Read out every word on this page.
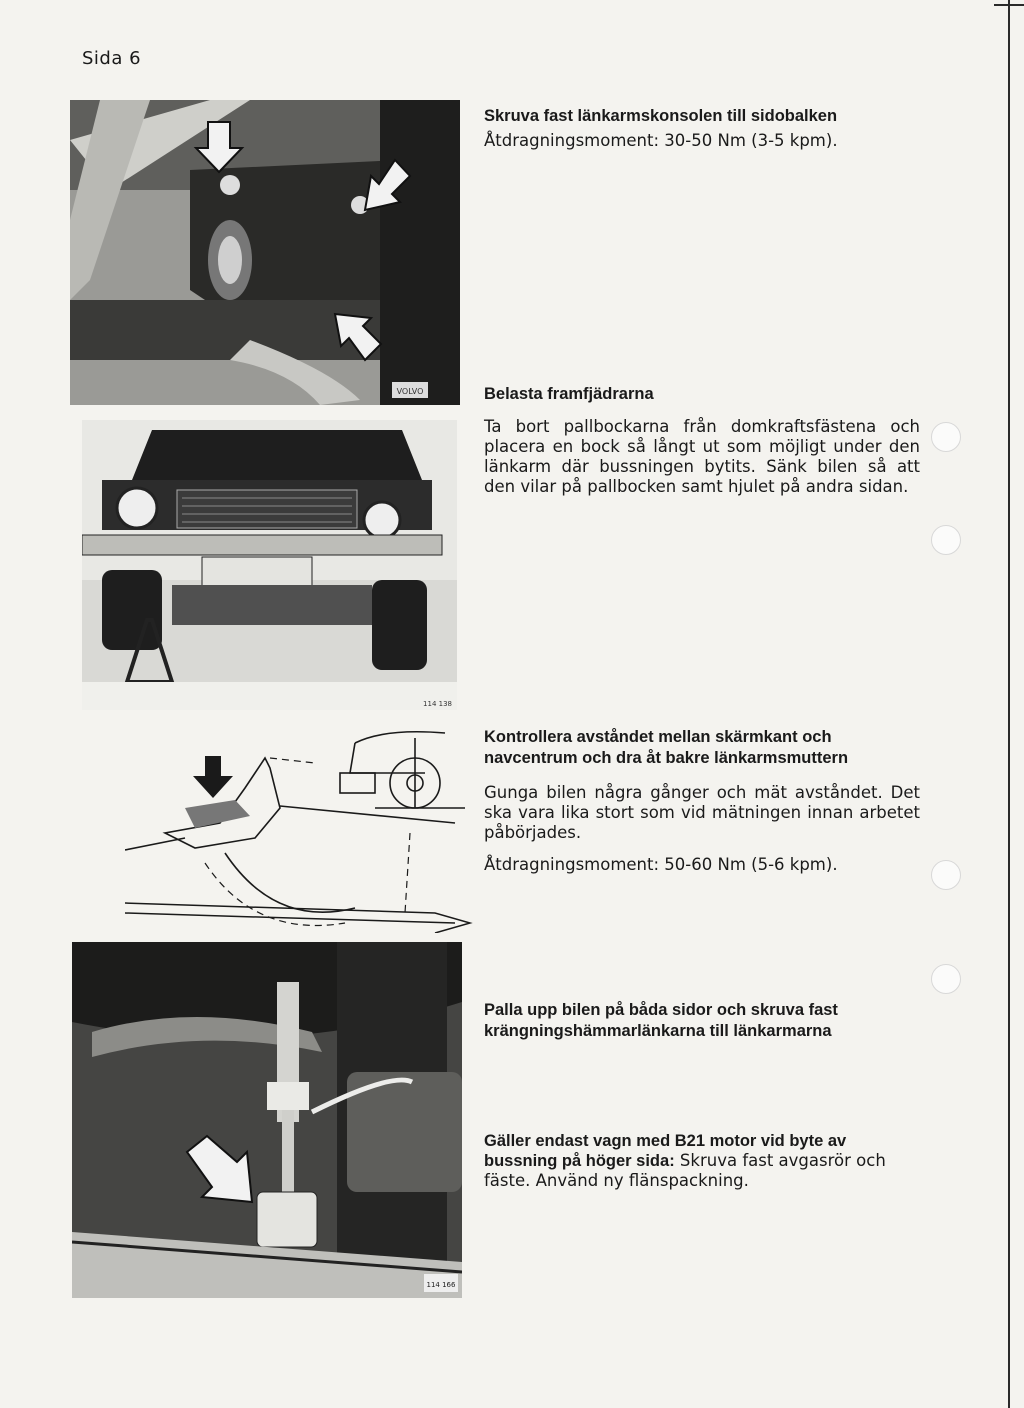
Sida 6
VOLVO
114 138
114 166
Skruva fast länkarmskonsolen till sidobalken
Åtdragningsmoment: 30-50 Nm (3-5 kpm).
Belasta framfjädrarna
Ta bort pallbockarna från domkraftsfästena och placera en bock så långt ut som möjligt under den länkarm där bussningen bytits. Sänk bilen så att den vilar på pallbocken samt hjulet på andra sidan.
Kontrollera avståndet mellan skärmkant och navcentrum och dra åt bakre länkarmsmuttern
Gunga bilen några gånger och mät avståndet. Det ska vara lika stort som vid mätningen innan arbetet påbörjades.
Åtdragningsmoment: 50-60 Nm (5-6 kpm).
Palla upp bilen på båda sidor och skruva fast krängningshämmarlänkarna till länkarmarna
Gäller endast vagn med B21 motor vid byte av bussning på höger sida: Skruva fast avgasrör och fäste. Använd ny flänspackning.
